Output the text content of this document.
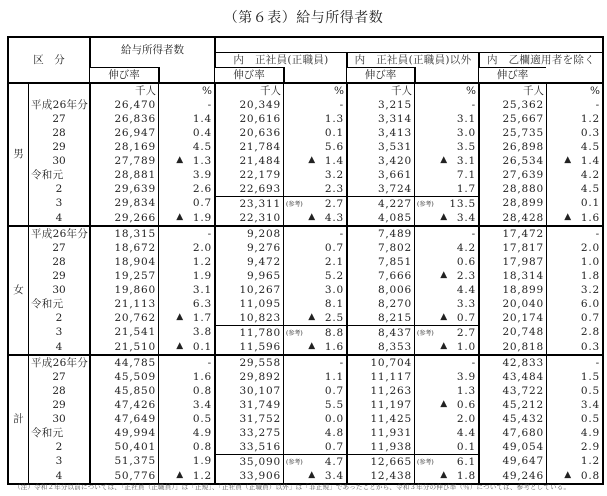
（第６表）給与所得者数
区　分		給与所得者数							
				内　正社員(正職員)		内　正社員(正職員)以外		内　乙欄適用者を除く	
		伸び率		伸び率		伸び率		伸び率	
男		千人	%	千人	%	千人	%	千人	%
	平成26年分	26,470	-	20,349	-	3,215	-	25,362	-
	27	26,836	1.4	20,616	1.3	3,314	3.1	25,667	1.2
	28	26,947	0.4	20,636	0.1	3,413	3.0	25,735	0.3
	29	28,169	4.5	21,784	5.6	3,531	3.5	26,898	4.5
	30	27,789	▲ 1.3	21,484	▲ 1.4	3,420	▲ 3.1	26,534	▲ 1.4
	令和元	28,881	3.9	22,179	3.2	3,661	7.1	27,639	4.2
	2	29,639	2.6	22,693	2.3	3,724	1.7	28,880	4.5
	3	29,834	0.7	23,311	(参考) 2.7	4,227	(参考) 13.5	28,899	0.1
	4	29,266	▲ 1.9	22,310	▲ 4.3	4,085	▲ 3.4	28,428	▲ 1.6
女	平成26年分	18,315	-	9,208	-	7,489	-	17,472	-
	27	18,672	2.0	9,276	0.7	7,802	4.2	17,817	2.0
	28	18,904	1.2	9,472	2.1	7,851	0.6	17,987	1.0
	29	19,257	1.9	9,965	5.2	7,666	▲ 2.3	18,314	1.8
	30	19,860	3.1	10,267	3.0	8,006	4.4	18,899	3.2
	令和元	21,113	6.3	11,095	8.1	8,270	3.3	20,040	6.0
	2	20,762	▲ 1.7	10,823	▲ 2.5	8,215	▲ 0.7	20,174	0.7
	3	21,541	3.8	11,780	(参考) 8.8	8,437	(参考) 2.7	20,748	2.8
	4	21,510	▲ 0.1	11,596	▲ 1.6	8,353	▲ 1.0	20,818	0.3
計	平成26年分	44,785	-	29,558	-	10,704	-	42,833	-
	27	45,509	1.6	29,892	1.1	11,117	3.9	43,484	1.5
	28	45,850	0.8	30,107	0.7	11,263	1.3	43,722	0.5
	29	47,426	3.4	31,749	5.5	11,197	▲ 0.6	45,212	3.4
	30	47,649	0.5	31,752	0.0	11,425	2.0	45,432	0.5
	令和元	49,994	4.9	33,275	4.8	11,931	4.4	47,680	4.9
	2	50,401	0.8	33,516	0.7	11,938	0.1	49,054	2.9
	3	51,375	1.9	35,090	(参考) 4.7	12,665	(参考) 6.1	49,647	1.2
	4	50,776	▲ 1.2	33,906	▲ 3.4	12,438	▲ 1.8	49,246	▲ 0.8
（注）令和２年分以前については、「正社員（正職員）」は「正規」、「正社員（正職員）以外」は「非正規」であったことから、令和３年分の伸び率（％）については、参考としている。
